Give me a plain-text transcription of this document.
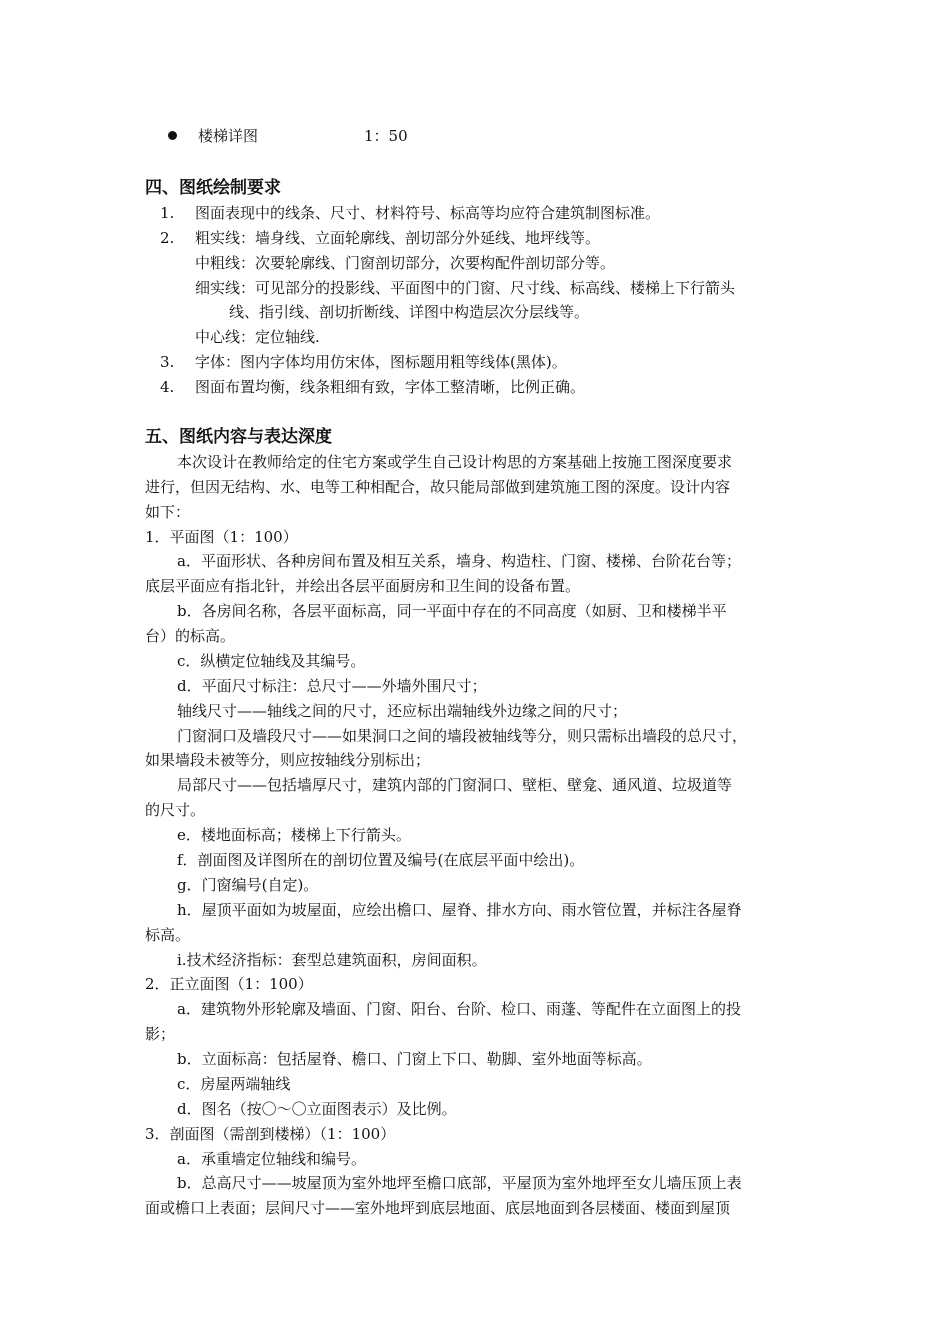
楼梯详图	1：50
四、图纸绘制要求
1. 图面表现中的线条、尺寸、材料符号、标高等均应符合建筑制图标准。
2. 粗实线：墙身线、立面轮廓线、剖切部分外延线、地坪线等。
中粗线：次要轮廓线、门窗剖切部分，次要构配件剖切部分等。
细实线：可见部分的投影线、平面图中的门窗、尺寸线、标高线、楼梯上下行箭头
线、指引线、剖切折断线、详图中构造层次分层线等。
中心线：定位轴线.
3. 字体：图内字体均用仿宋体，图标题用粗等线体(黑体)。
4. 图面布置均衡，线条粗细有致，字体工整清晰，比例正确。
五、图纸内容与表达深度
本次设计在教师给定的住宅方案或学生自己设计构思的方案基础上按施工图深度要求
进行，但因无结构、水、电等工种相配合，故只能局部做到建筑施工图的深度。设计内容
如下：
1．平面图（1：100）
a．平面形状、各种房间布置及相互关系，墙身、构造柱、门窗、楼梯、台阶花台等；
底层平面应有指北针，并绘出各层平面厨房和卫生间的设备布置。
b．各房间名称，各层平面标高，同一平面中存在的不同高度（如厨、卫和楼梯半平
台）的标高。
c．纵横定位轴线及其编号。
d．平面尺寸标注：总尺寸——外墙外围尺寸；
轴线尺寸——轴线之间的尺寸，还应标出端轴线外边缘之间的尺寸；
门窗洞口及墙段尺寸——如果洞口之间的墙段被轴线等分，则只需标出墙段的总尺寸，
如果墙段未被等分，则应按轴线分别标出；
局部尺寸——包括墙厚尺寸，建筑内部的门窗洞口、壁柜、壁龛、通风道、垃圾道等
的尺寸。
e．楼地面标高；楼梯上下行箭头。
f．剖面图及详图所在的剖切位置及编号(在底层平面中绘出)。
g．门窗编号(自定)。
h．屋顶平面如为坡屋面，应绘出檐口、屋脊、排水方向、雨水管位置，并标注各屋脊
标高。
i.技术经济指标：套型总建筑面积，房间面积。
2．正立面图（1：100）
a．建筑物外形轮廓及墙面、门窗、阳台、台阶、检口、雨蓬、等配件在立面图上的投
影；
b．立面标高：包括屋脊、檐口、门窗上下口、勒脚、室外地面等标高。
c．房屋两端轴线
d．图名（按〇～〇立面图表示）及比例。
3．剖面图（需剖到楼梯）（1：100）
a．承重墙定位轴线和编号。
b．总高尺寸——坡屋顶为室外地坪至檐口底部，平屋顶为室外地坪至女儿墙压顶上表
面或檐口上表面；层间尺寸——室外地坪到底层地面、底层地面到各层楼面、楼面到屋顶
